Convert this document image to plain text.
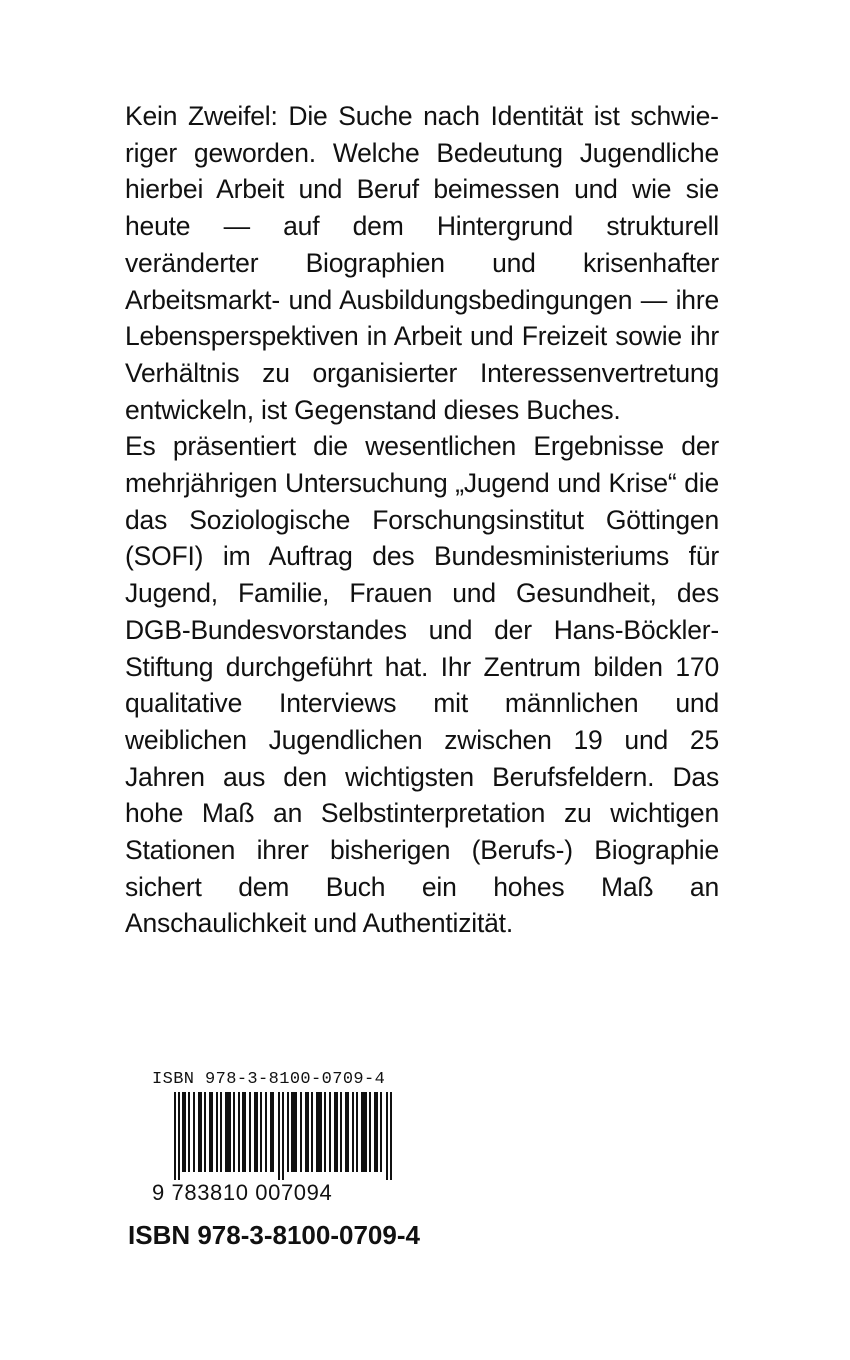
Kein Zweifel: Die Suche nach Identität ist schwieriger geworden. Welche Bedeutung Jugendliche hierbei Arbeit und Beruf beimessen und wie sie heute — auf dem Hintergrund strukturell veränderter Biographien und krisenhafter Arbeitsmarkt- und Ausbildungsbedingungen — ihre Lebensperspektiven in Arbeit und Freizeit sowie ihr Verhältnis zu organisierter Interessenvertretung entwickeln, ist Gegenstand dieses Buches.

Es präsentiert die wesentlichen Ergebnisse der mehrjährigen Untersuchung „Jugend und Krise“ die das Soziologische Forschungsinstitut Göttingen (SOFI) im Auftrag des Bundesministeriums für Jugend, Familie, Frauen und Gesundheit, des DGB-Bundesvorstandes und der Hans-Böckler-Stiftung durchgeführt hat. Ihr Zentrum bilden 170 qualitative Interviews mit männlichen und weiblichen Jugendlichen zwischen 19 und 25 Jahren aus den wichtigsten Berufsfeldern. Das hohe Maß an Selbstinterpretation zu wichtigen Stationen ihrer bisherigen (Berufs-) Biographie sichert dem Buch ein hohes Maß an Anschaulichkeit und Authentizität.

ISBN 978-3-8100-0709-4
9 783810 007094
ISBN 978-3-8100-0709-4
